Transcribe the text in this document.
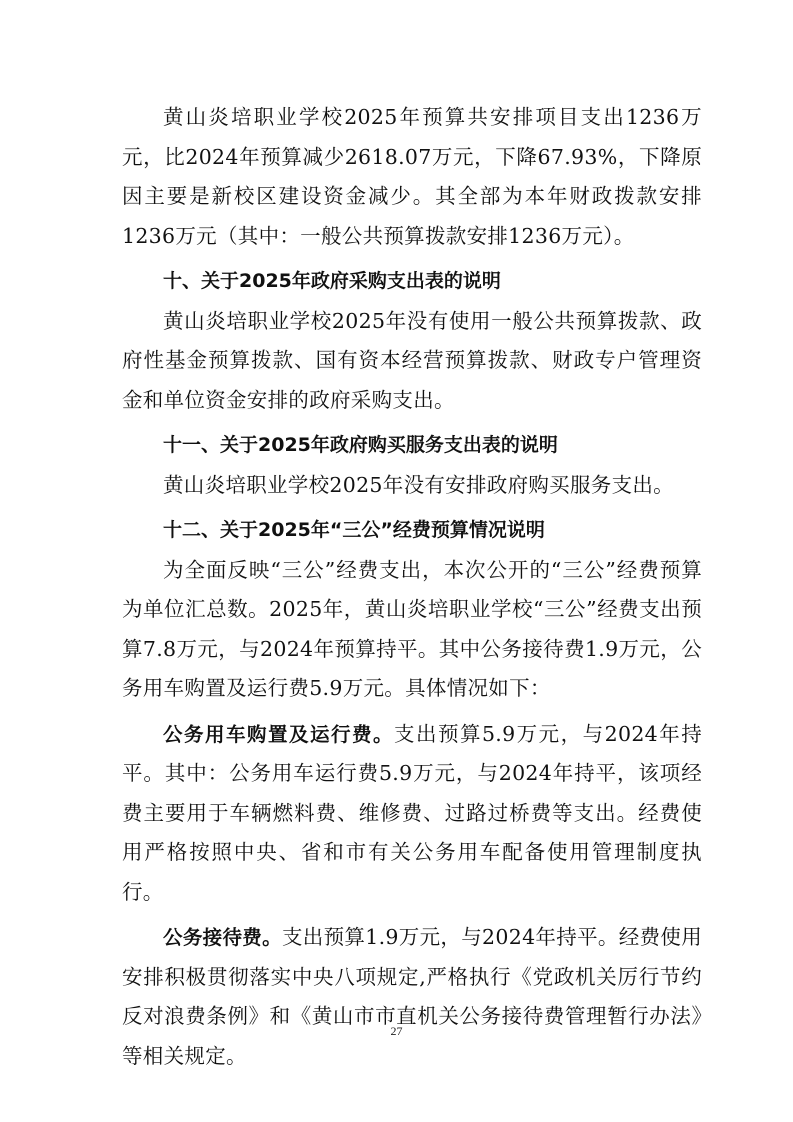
黄山炎培职业学校2025年预算共安排项目支出1236万元，比2024年预算减少2618.07万元，下降67.93%，下降原因主要是新校区建设资金减少。其全部为本年财政拨款安排1236万元（其中：一般公共预算拨款安排1236万元）。

十、关于2025年政府采购支出表的说明

黄山炎培职业学校2025年没有使用一般公共预算拨款、政府性基金预算拨款、国有资本经营预算拨款、财政专户管理资金和单位资金安排的政府采购支出。

十一、关于2025年政府购买服务支出表的说明

黄山炎培职业学校2025年没有安排政府购买服务支出。

十二、关于2025年“三公”经费预算情况说明

为全面反映“三公”经费支出，本次公开的“三公”经费预算为单位汇总数。2025年，黄山炎培职业学校“三公”经费支出预算7.8万元，与2024年预算持平。其中公务接待费1.9万元，公务用车购置及运行费5.9万元。具体情况如下：

公务用车购置及运行费。支出预算5.9万元，与2024年持平。其中：公务用车运行费5.9万元，与2024年持平，该项经费主要用于车辆燃料费、维修费、过路过桥费等支出。经费使用严格按照中央、省和市有关公务用车配备使用管理制度执行。

公务接待费。支出预算1.9万元，与2024年持平。经费使用安排积极贯彻落实中央八项规定,严格执行《党政机关厉行节约反对浪费条例》和《黄山市市直机关公务接待费管理暂行办法》等相关规定。

27
